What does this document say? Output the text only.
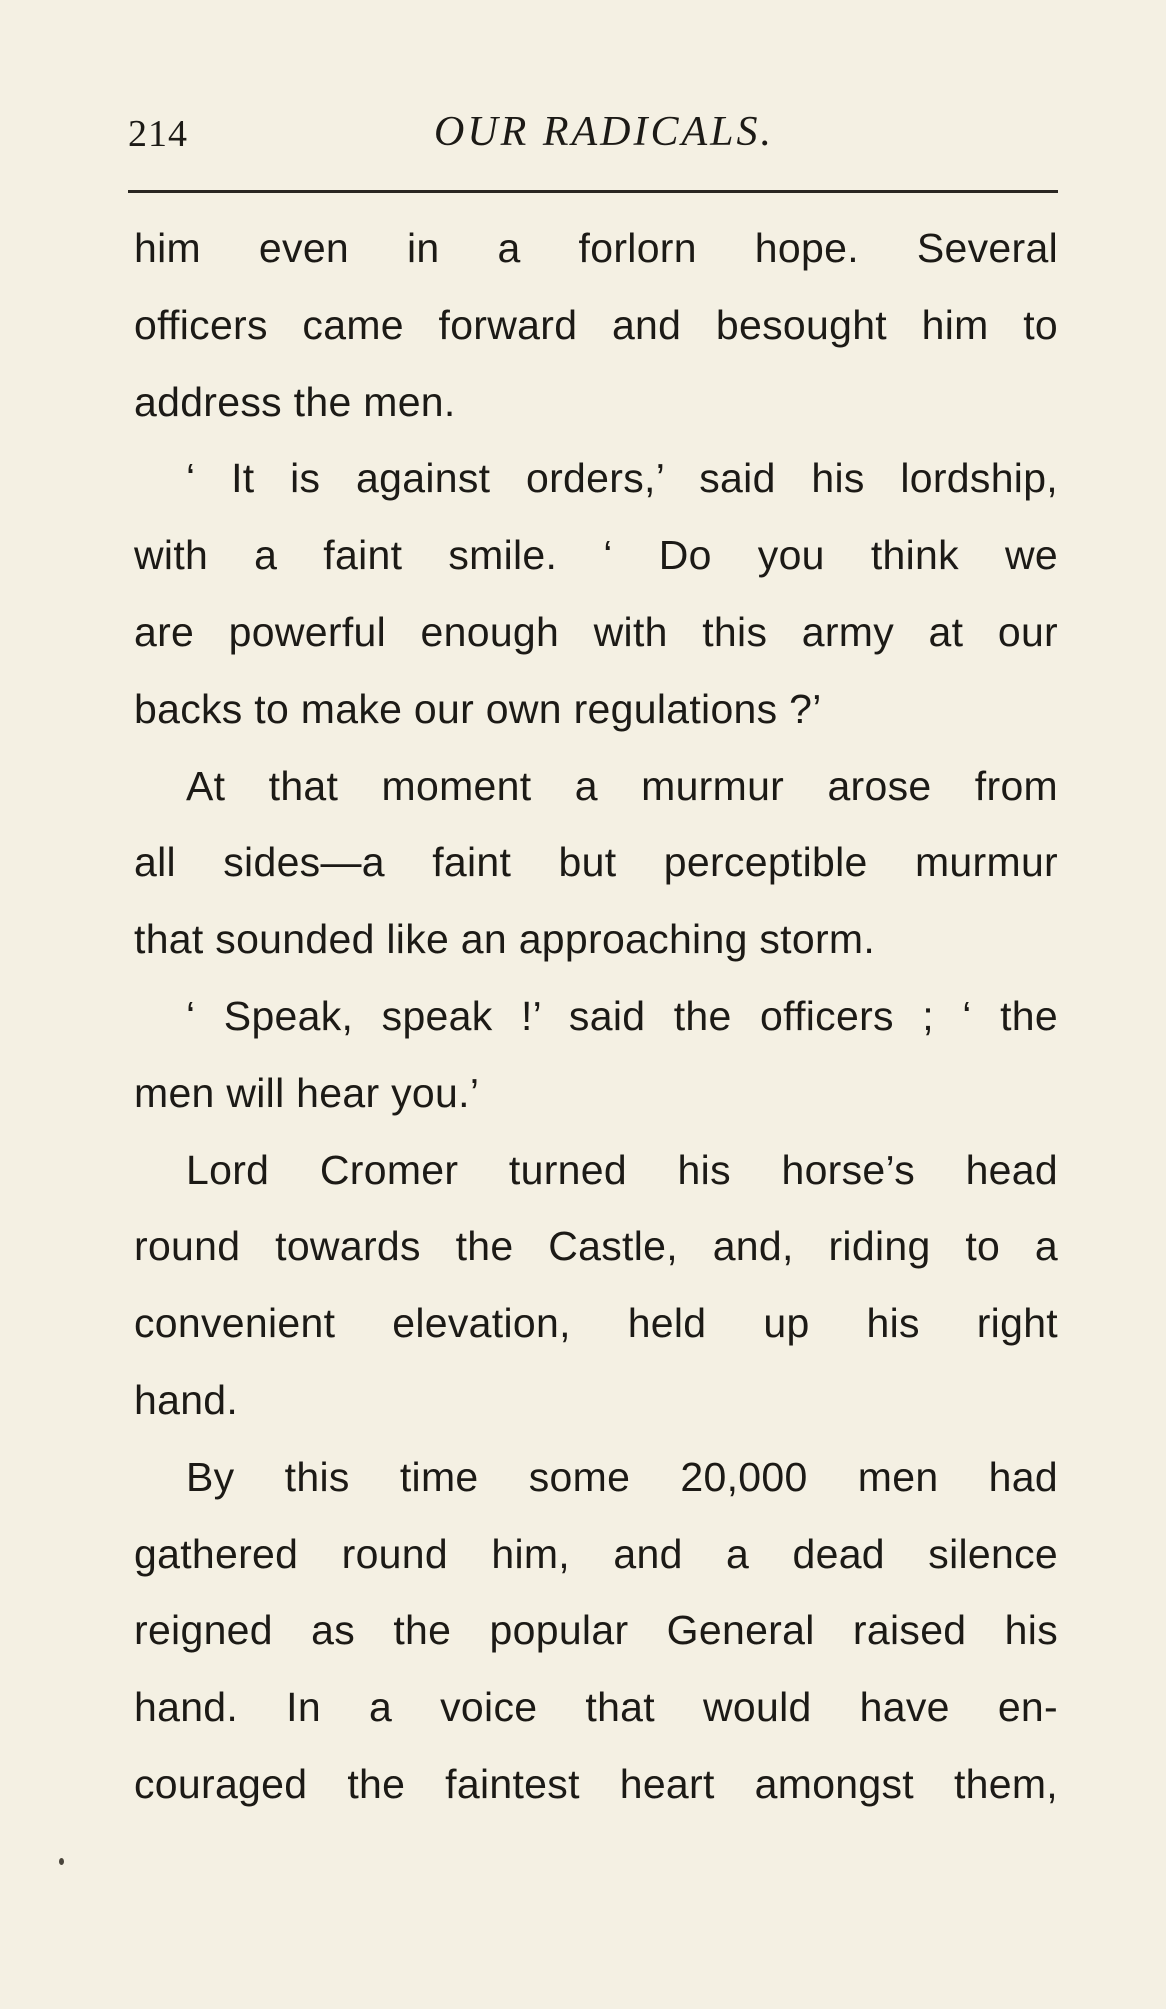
214	OUR RADICALS.
him even in a forlorn hope. Several
officers came forward and besought him to
address the men.
‘ It is against orders,’ said his lordship,
with a faint smile. ‘ Do you think we
are powerful enough with this army at our
backs to make our own regulations ?’
At that moment a murmur arose from
all sides—a faint but perceptible murmur
that sounded like an approaching storm.
‘ Speak, speak !’ said the officers ; ‘ the
men will hear you.’
Lord Cromer turned his horse’s head
round towards the Castle, and, riding to a
convenient elevation, held up his right
hand.
By this time some 20,000 men had
gathered round him, and a dead silence
reigned as the popular General raised his
hand. In a voice that would have en-
couraged the faintest heart amongst them,
